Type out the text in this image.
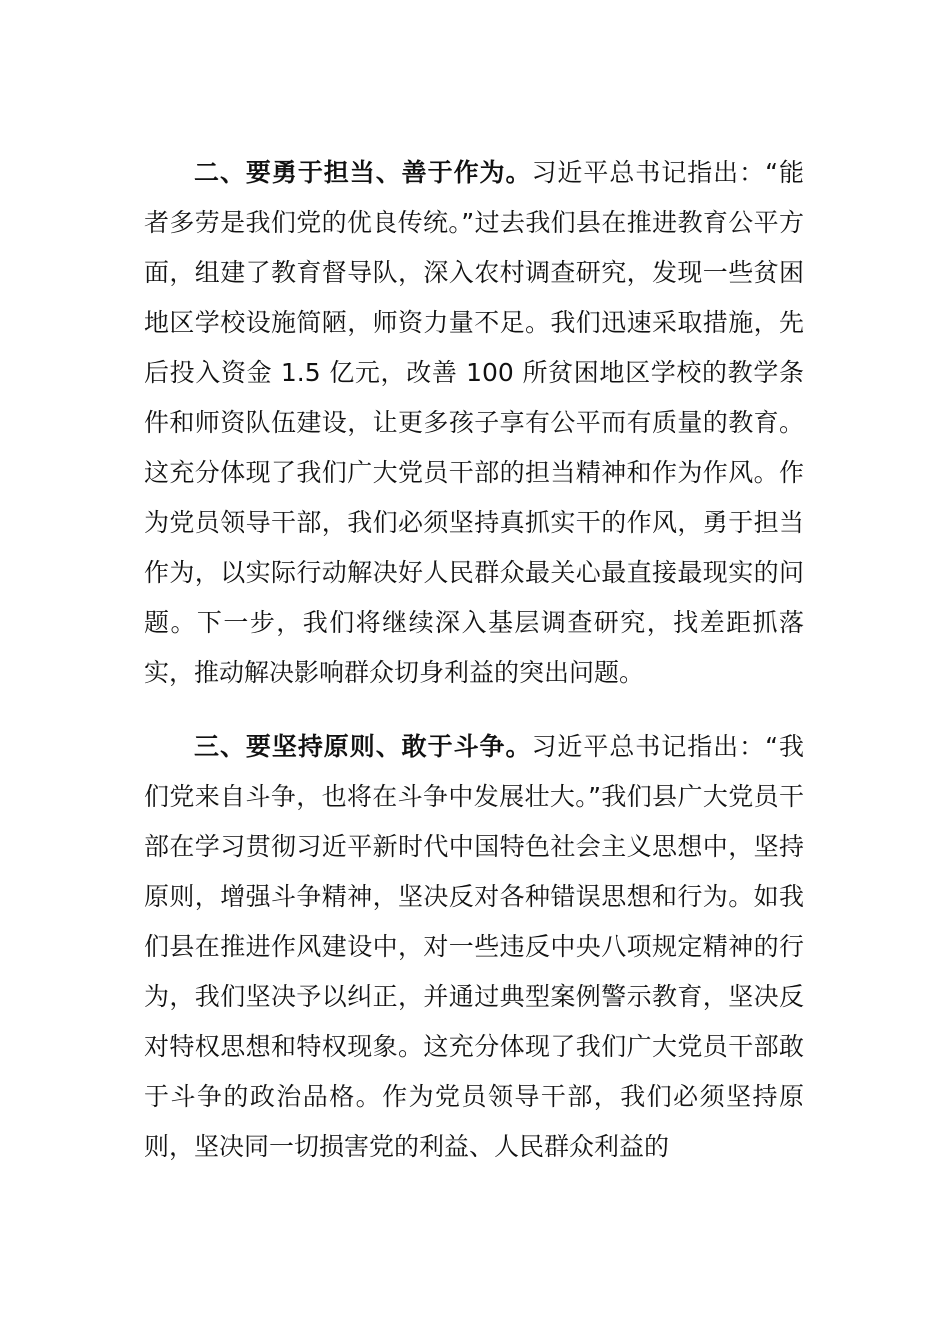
二、要勇于担当、善于作为。习近平总书记指出：“能者多劳是我们党的优良传统。”过去我们县在推进教育公平方面，组建了教育督导队，深入农村调查研究，发现一些贫困地区学校设施简陋，师资力量不足。我们迅速采取措施，先后投入资金 1.5 亿元，改善 100 所贫困地区学校的教学条件和师资队伍建设，让更多孩子享有公平而有质量的教育。这充分体现了我们广大党员干部的担当精神和作为作风。作为党员领导干部，我们必须坚持真抓实干的作风，勇于担当作为，以实际行动解决好人民群众最关心最直接最现实的问题。下一步，我们将继续深入基层调查研究，找差距抓落实，推动解决影响群众切身利益的突出问题。

三、要坚持原则、敢于斗争。习近平总书记指出：“我们党来自斗争，也将在斗争中发展壮大。”我们县广大党员干部在学习贯彻习近平新时代中国特色社会主义思想中，坚持原则，增强斗争精神，坚决反对各种错误思想和行为。如我们县在推进作风建设中，对一些违反中央八项规定精神的行为，我们坚决予以纠正，并通过典型案例警示教育，坚决反对特权思想和特权现象。这充分体现了我们广大党员干部敢于斗争的政治品格。作为党员领导干部，我们必须坚持原则，坚决同一切损害党的利益、人民群众利益的
